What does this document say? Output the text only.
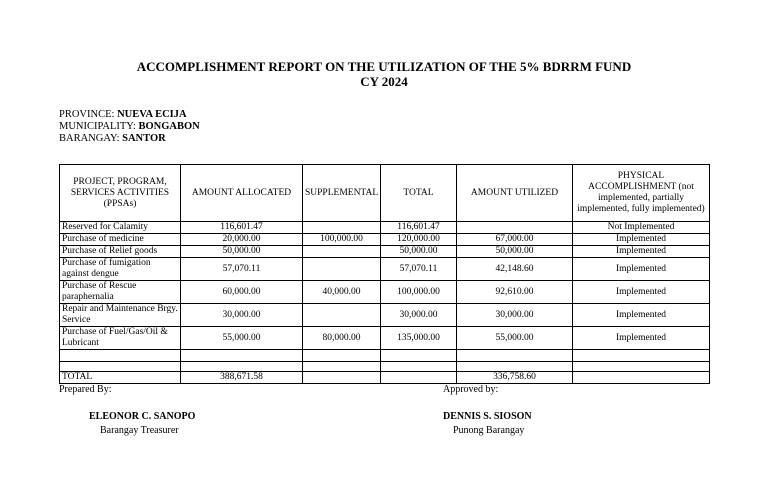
ACCOMPLISHMENT REPORT ON THE UTILIZATION OF THE 5% BDRRM FUND
CY 2024
PROVINCE: NUEVA ECIJA
MUNICIPALITY: BONGABON
BARANGAY: SANTOR
PROJECT, PROGRAM, SERVICES ACTIVITIES (PPSAs)	AMOUNT ALLOCATED	SUPPLEMENTAL	TOTAL	AMOUNT UTILIZED	PHYSICAL ACCOMPLISHMENT (not implemented, partially implemented, fully implemented)
Reserved for Calamity	116,601.47		116,601.47		Not Implemented
Purchase of medicine	20,000.00	100,000.00	120,000.00	67,000.00	Implemented
Purchase of Relief goods	50,000.00		50,000.00	50,000.00	Implemented
Purchase of fumigation against dengue	57,070.11		57,070.11	42,148.60	Implemented
Purchase of Rescue paraphernalia	60,000.00	40,000.00	100,000.00	92,610.00	Implemented
Repair and Maintenance Brgy. Service	30,000.00		30,000.00	30,000.00	Implemented
Purchase of Fuel/Gas/Oil & Lubricant	55,000.00	80,000.00	135,000.00	55,000.00	Implemented

TOTAL	388,671.58			336,758.60	
Prepared By:
ELEONOR C. SANOPO
Barangay Treasurer
Approved by:
DENNIS S. SIOSON
Punong Barangay
